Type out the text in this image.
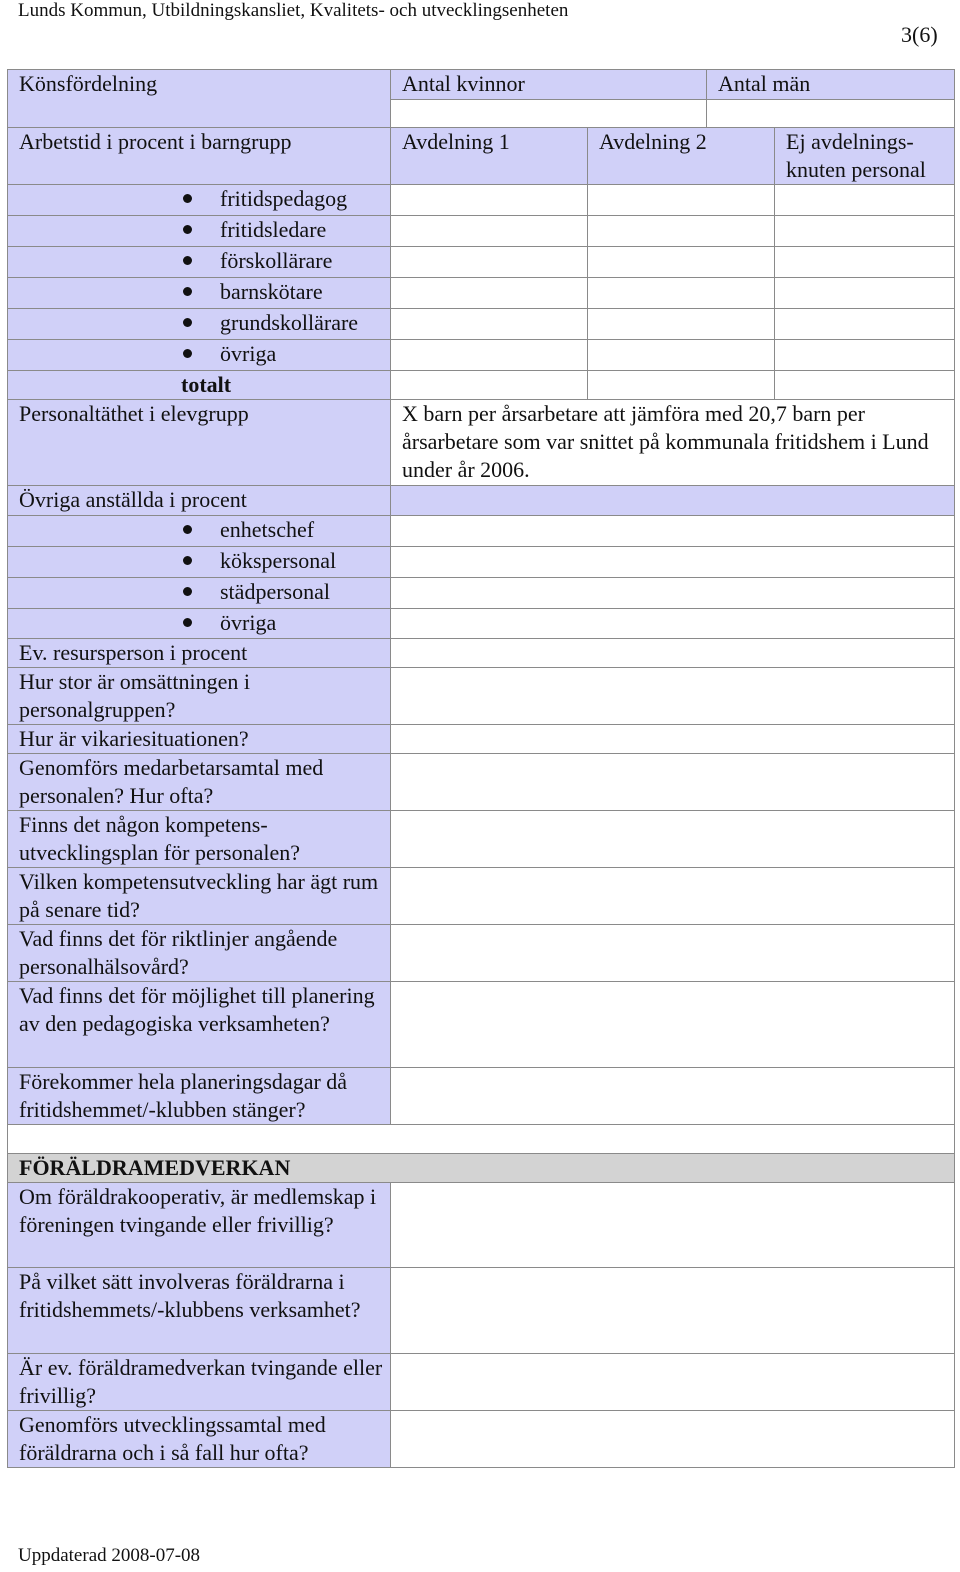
Lunds Kommun, Utbildningskansliet, Kvalitets- och utvecklingsenheten
3(6)
Könsfördelning	Antal kvinnor		Antal män	

Arbetstid i procent i barngrupp	Avdelning 1	Avdelning 2		Ej avdelnings-knuten personal
fritidspedagog				
fritidsledare				
förskollärare				
barnskötare				
grundskollärare				
övriga				
totalt				
Personaltäthet i elevgrupp	X barn per årsarbetare att jämföra med 20,7 barn per årsarbetare som var snittet på kommunala fritidshem i Lund under år 2006.			
Övriga anställda i procent				
enhetschef				
kökspersonal				
städpersonal				
övriga				
Ev. resursperson i procent				
Hur stor är omsättningen i personalgruppen?				
Hur är vikariesituationen?				
Genomförs medarbetarsamtal med personalen? Hur ofta?				
Finns det någon kompetens-utvecklingsplan för personalen?				
Vilken kompetensutveckling har ägt rum på senare tid?				
Vad finns det för riktlinjer angående personalhälsovård?				
Vad finns det för möjlighet till planering av den pedagogiska verksamheten?				
Förekommer hela planeringsdagar då fritidshemmet/-klubben stänger?				

FÖRÄLDRAMEDVERKAN				
Om föräldrakooperativ, är medlemskap i föreningen tvingande eller frivillig?				
På vilket sätt involveras föräldrarna i fritidshemmets/-klubbens verksamhet?				
Är ev. föräldramedverkan tvingande eller frivillig?				
Genomförs utvecklingssamtal med föräldrarna och i så fall hur ofta?				
Uppdaterad 2008-07-08
